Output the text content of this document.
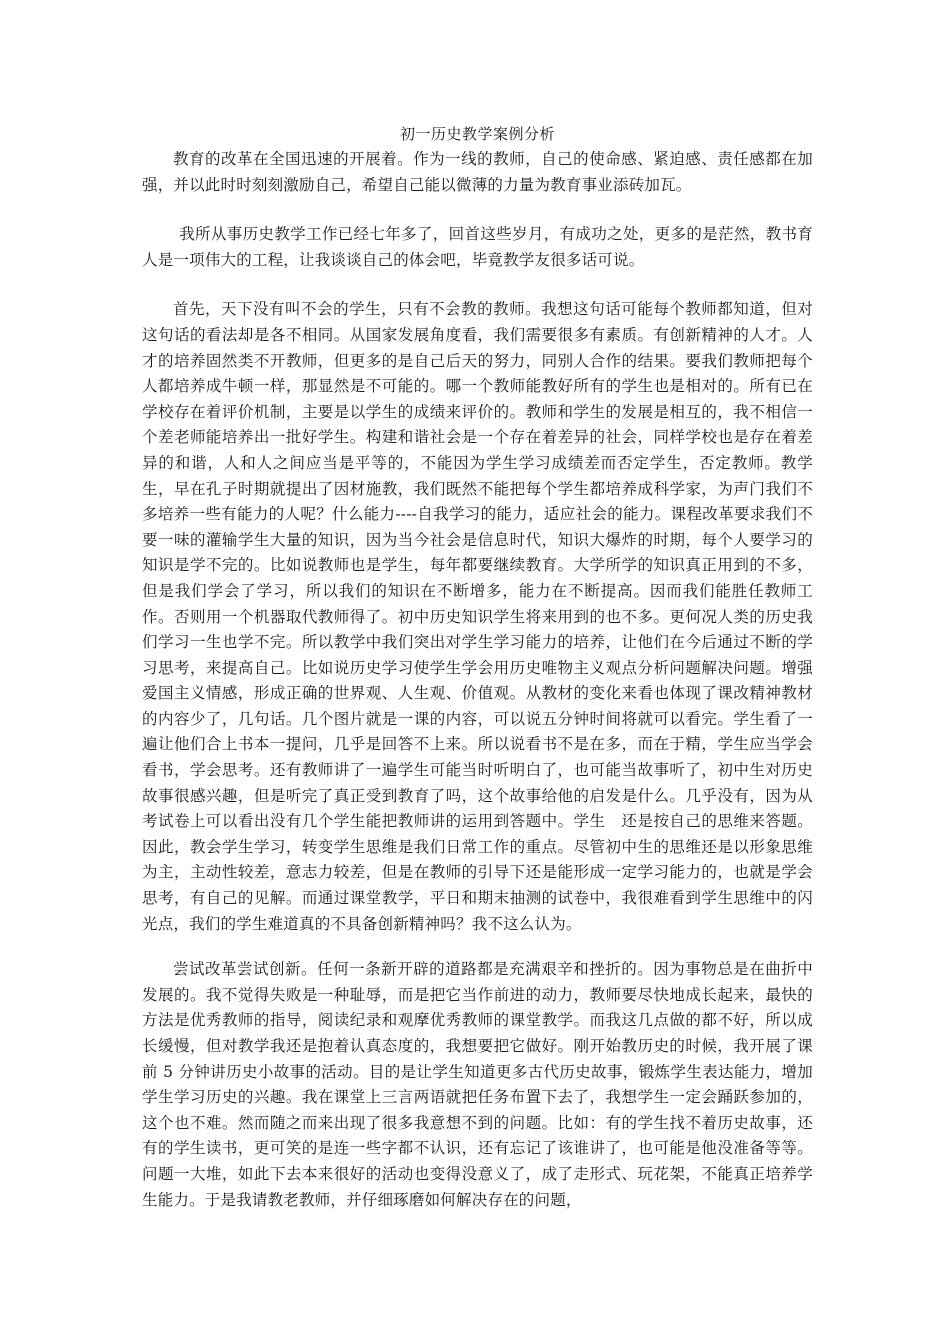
初一历史教学案例分析

教育的改革在全国迅速的开展着。作为一线的教师，自己的使命感、紧迫感、责任感都在加强，并以此时时刻刻激励自己，希望自己能以微薄的力量为教育事业添砖加瓦。

我所从事历史教学工作已经七年多了，回首这些岁月，有成功之处，更多的是茫然，教书育人是一项伟大的工程，让我谈谈自己的体会吧，毕竟教学友很多话可说。

首先，天下没有叫不会的学生，只有不会教的教师。我想这句话可能每个教师都知道，但对这句话的看法却是各不相同。从国家发展角度看，我们需要很多有素质。有创新精神的人才。人才的培养固然类不开教师，但更多的是自己后天的努力，同别人合作的结果。要我们教师把每个人都培养成牛顿一样，那显然是不可能的。哪一个教师能教好所有的学生也是相对的。所有已在学校存在着评价机制，主要是以学生的成绩来评价的。教师和学生的发展是相互的，我不相信一个差老师能培养出一批好学生。构建和谐社会是一个存在着差异的社会，同样学校也是存在着差异的和谐，人和人之间应当是平等的，不能因为学生学习成绩差而否定学生，否定教师。教学生，早在孔子时期就提出了因材施教，我们既然不能把每个学生都培养成科学家，为声门我们不多培养一些有能力的人呢？什么能力----自我学习的能力，适应社会的能力。课程改革要求我们不要一味的灌输学生大量的知识，因为当今社会是信息时代，知识大爆炸的时期，每个人要学习的知识是学不完的。比如说教师也是学生，每年都要继续教育。大学所学的知识真正用到的不多，但是我们学会了学习，所以我们的知识在不断增多，能力在不断提高。因而我们能胜任教师工作。否则用一个机器取代教师得了。初中历史知识学生将来用到的也不多。更何况人类的历史我们学习一生也学不完。所以教学中我们突出对学生学习能力的培养，让他们在今后通过不断的学习思考，来提高自己。比如说历史学习使学生学会用历史唯物主义观点分析问题解决问题。增强爱国主义情感，形成正确的世界观、人生观、价值观。从教材的变化来看也体现了课改精神教材的内容少了，几句话。几个图片就是一课的内容，可以说五分钟时间将就可以看完。学生看了一遍让他们合上书本一提问，几乎是回答不上来。所以说看书不是在多，而在于精，学生应当学会看书，学会思考。还有教师讲了一遍学生可能当时听明白了，也可能当故事听了，初中生对历史故事很感兴趣，但是听完了真正受到教育了吗，这个故事给他的启发是什么。几乎没有，因为从考试卷上可以看出没有几个学生能把教师讲的运用到答题中。学生　还是按自己的思维来答题。因此，教会学生学习，转变学生思维是我们日常工作的重点。尽管初中生的思维还是以形象思维为主，主动性较差，意志力较差，但是在教师的引导下还是能形成一定学习能力的，也就是学会思考，有自己的见解。而通过课堂教学，平日和期末抽测的试卷中，我很难看到学生思维中的闪光点，我们的学生难道真的不具备创新精神吗？我不这么认为。

尝试改革尝试创新。任何一条新开辟的道路都是充满艰辛和挫折的。因为事物总是在曲折中发展的。我不觉得失败是一种耻辱，而是把它当作前进的动力，教师要尽快地成长起来，最快的方法是优秀教师的指导，阅读纪录和观摩优秀教师的课堂教学。而我这几点做的都不好，所以成长缓慢，但对教学我还是抱着认真态度的，我想要把它做好。刚开始教历史的时候，我开展了课前 5 分钟讲历史小故事的活动。目的是让学生知道更多古代历史故事，锻炼学生表达能力，增加学生学习历史的兴趣。我在课堂上三言两语就把任务布置下去了，我想学生一定会踊跃参加的，这个也不难。然而随之而来出现了很多我意想不到的问题。比如：有的学生找不着历史故事，还有的学生读书，更可笑的是连一些字都不认识，还有忘记了该谁讲了，也可能是他没准备等等。问题一大堆，如此下去本来很好的活动也变得没意义了，成了走形式、玩花架，不能真正培养学生能力。于是我请教老教师，并仔细琢磨如何解决存在的问题，
